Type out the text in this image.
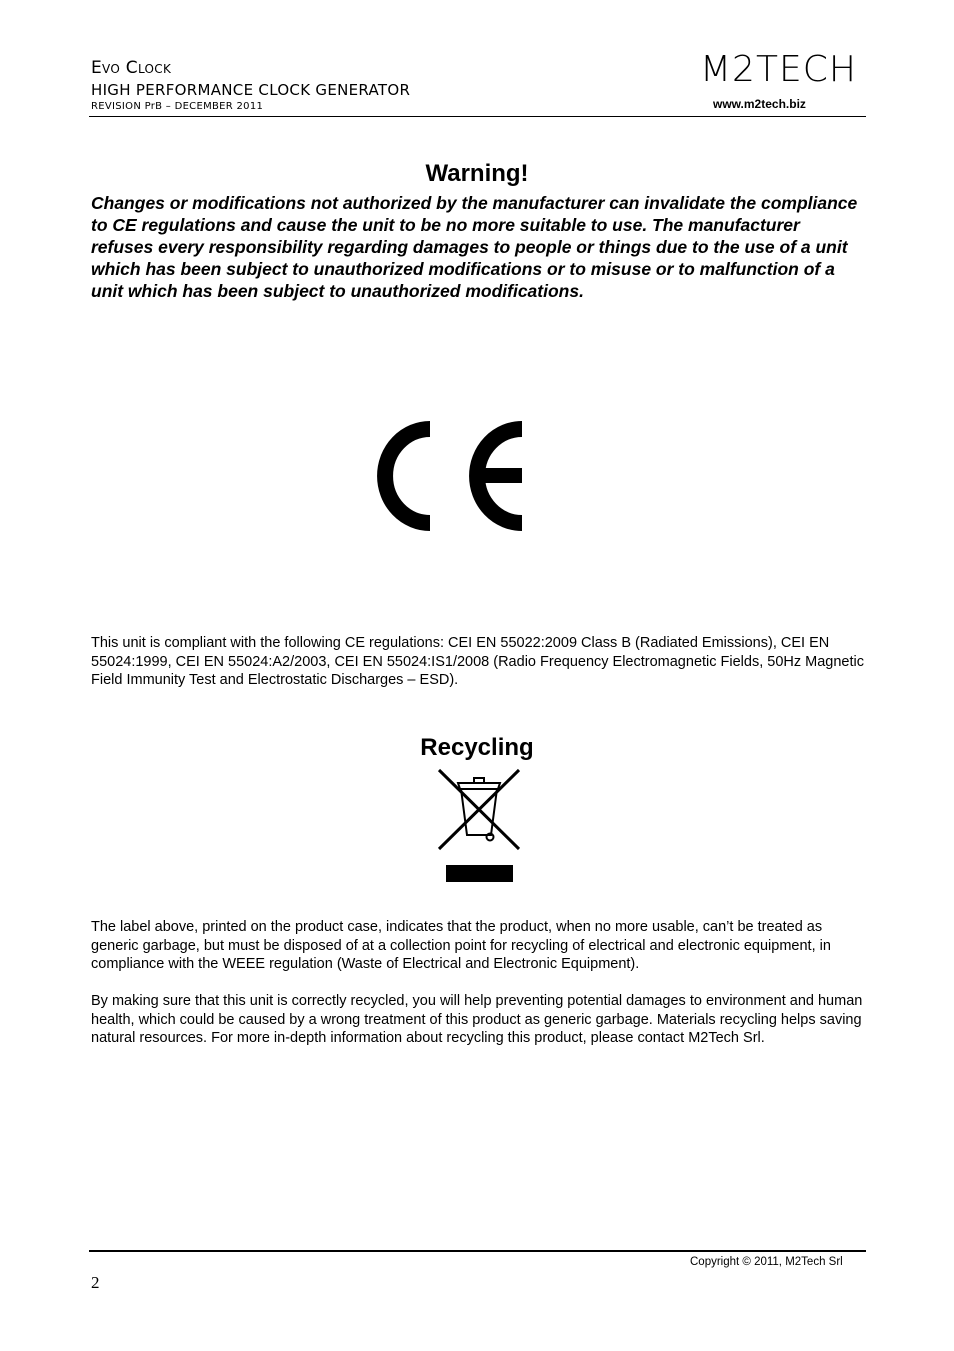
Evo Clock
HIGH PERFORMANCE CLOCK GENERATOR
REVISION PrB – DECEMBER 2011
M2TECH
www.m2tech.biz
Warning!
Changes or modifications not authorized by the manufacturer can invalidate the compliance to CE regulations and cause the unit to be no more suitable to use. The manufacturer refuses every responsibility regarding damages to people or things due to the use of a unit which has been subject to unauthorized modifications or to misuse or to malfunction of a unit which has been subject to unauthorized modifications.
This unit is compliant with the following CE regulations: CEI EN 55022:2009 Class B (Radiated Emissions), CEI EN 55024:1999, CEI EN 55024:A2/2003, CEI EN 55024:IS1/2008 (Radio Frequency Electromagnetic Fields, 50Hz Magnetic Field Immunity Test and Electrostatic Discharges – ESD).
Recycling
The label above, printed on the product case, indicates that the product, when no more usable, can’t be treated as generic garbage, but must be disposed of at a collection point for recycling of electrical and electronic equipment, in compliance with the WEEE regulation (Waste of Electrical and Electronic Equipment).
By making sure that this unit is correctly recycled, you will help preventing potential damages to environment and human health, which could be caused by a wrong treatment of this product as generic garbage. Materials recycling helps saving natural resources. For more in-depth information about recycling this product, please contact M2Tech Srl.
Copyright © 2011, M2Tech Srl
2
